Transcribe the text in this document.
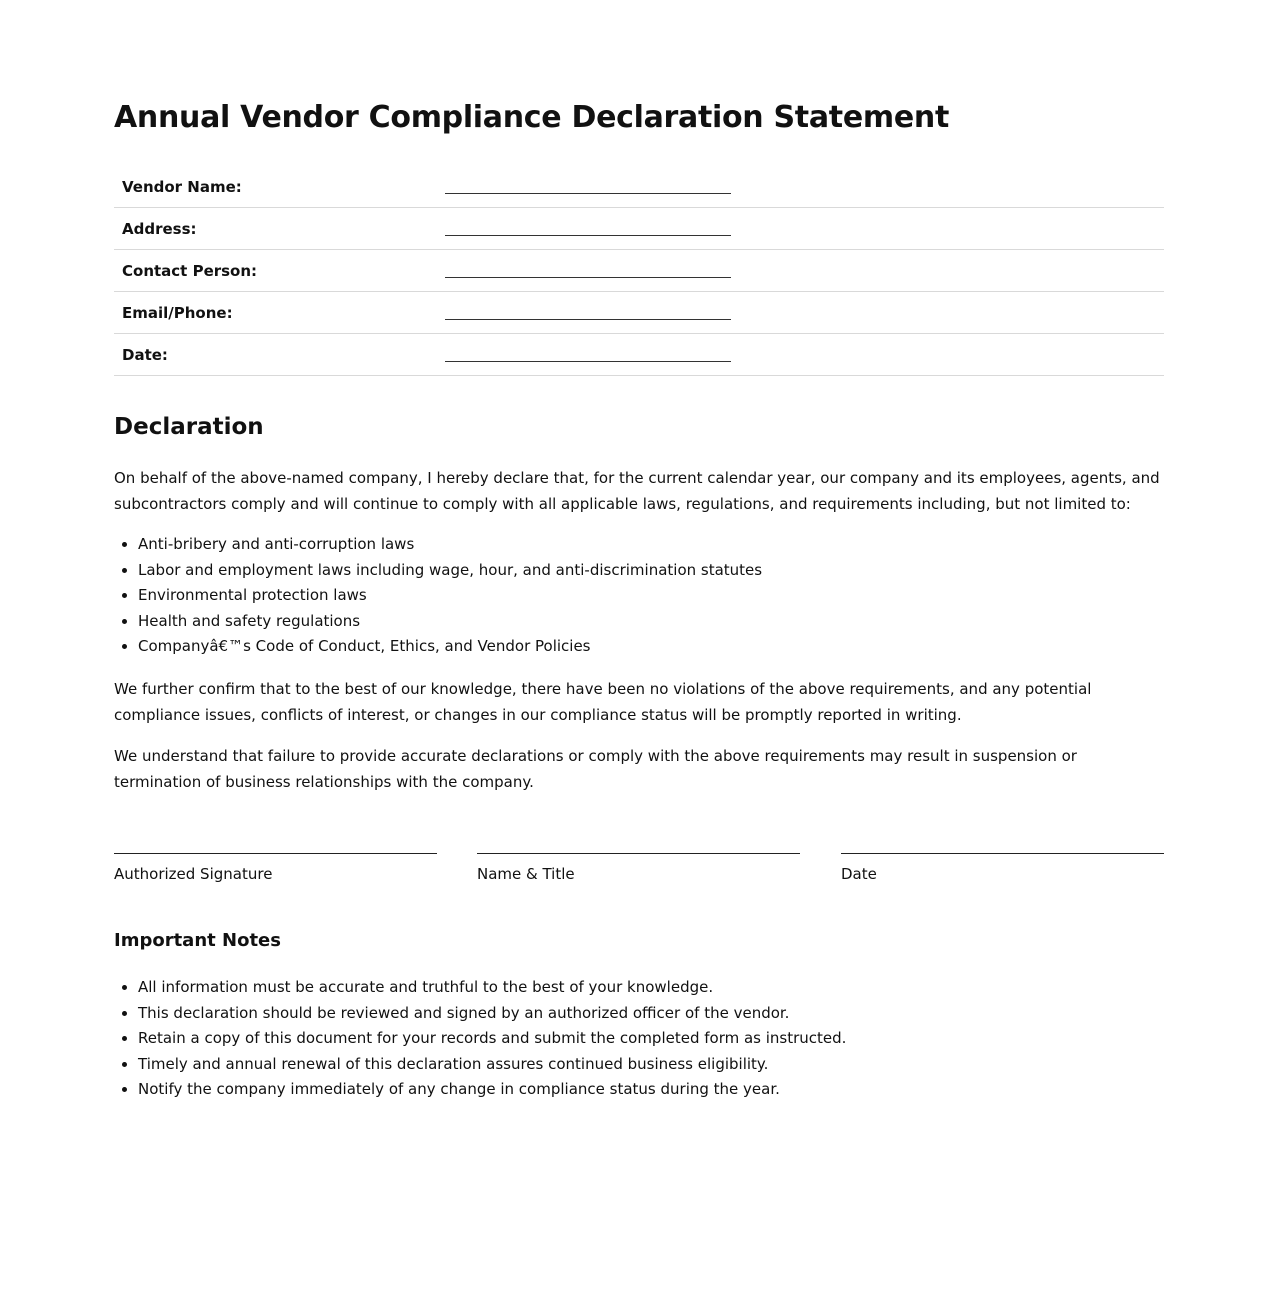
Annual Vendor Compliance Declaration Statement
Vendor Name:	
Address:	
Contact Person:	
Email/Phone:	
Date:	
Declaration

On behalf of the above-named company, I hereby declare that, for the current calendar year, our company and its employees, agents, and subcontractors comply and will continue to comply with all applicable laws, regulations, and requirements including, but not limited to:

• Anti-bribery and anti-corruption laws
• Labor and employment laws including wage, hour, and anti-discrimination statutes
• Environmental protection laws
• Health and safety regulations
• Companyâ€™s Code of Conduct, Ethics, and Vendor Policies

We further confirm that to the best of our knowledge, there have been no violations of the above requirements, and any potential compliance issues, conflicts of interest, or changes in our compliance status will be promptly reported in writing.

We understand that failure to provide accurate declarations or comply with the above requirements may result in suspension or termination of business relationships with the company.

Authorized Signature	Name & Title	Date
Important Notes
• All information must be accurate and truthful to the best of your knowledge.
• This declaration should be reviewed and signed by an authorized officer of the vendor.
• Retain a copy of this document for your records and submit the completed form as instructed.
• Timely and annual renewal of this declaration assures continued business eligibility.
• Notify the company immediately of any change in compliance status during the year.
